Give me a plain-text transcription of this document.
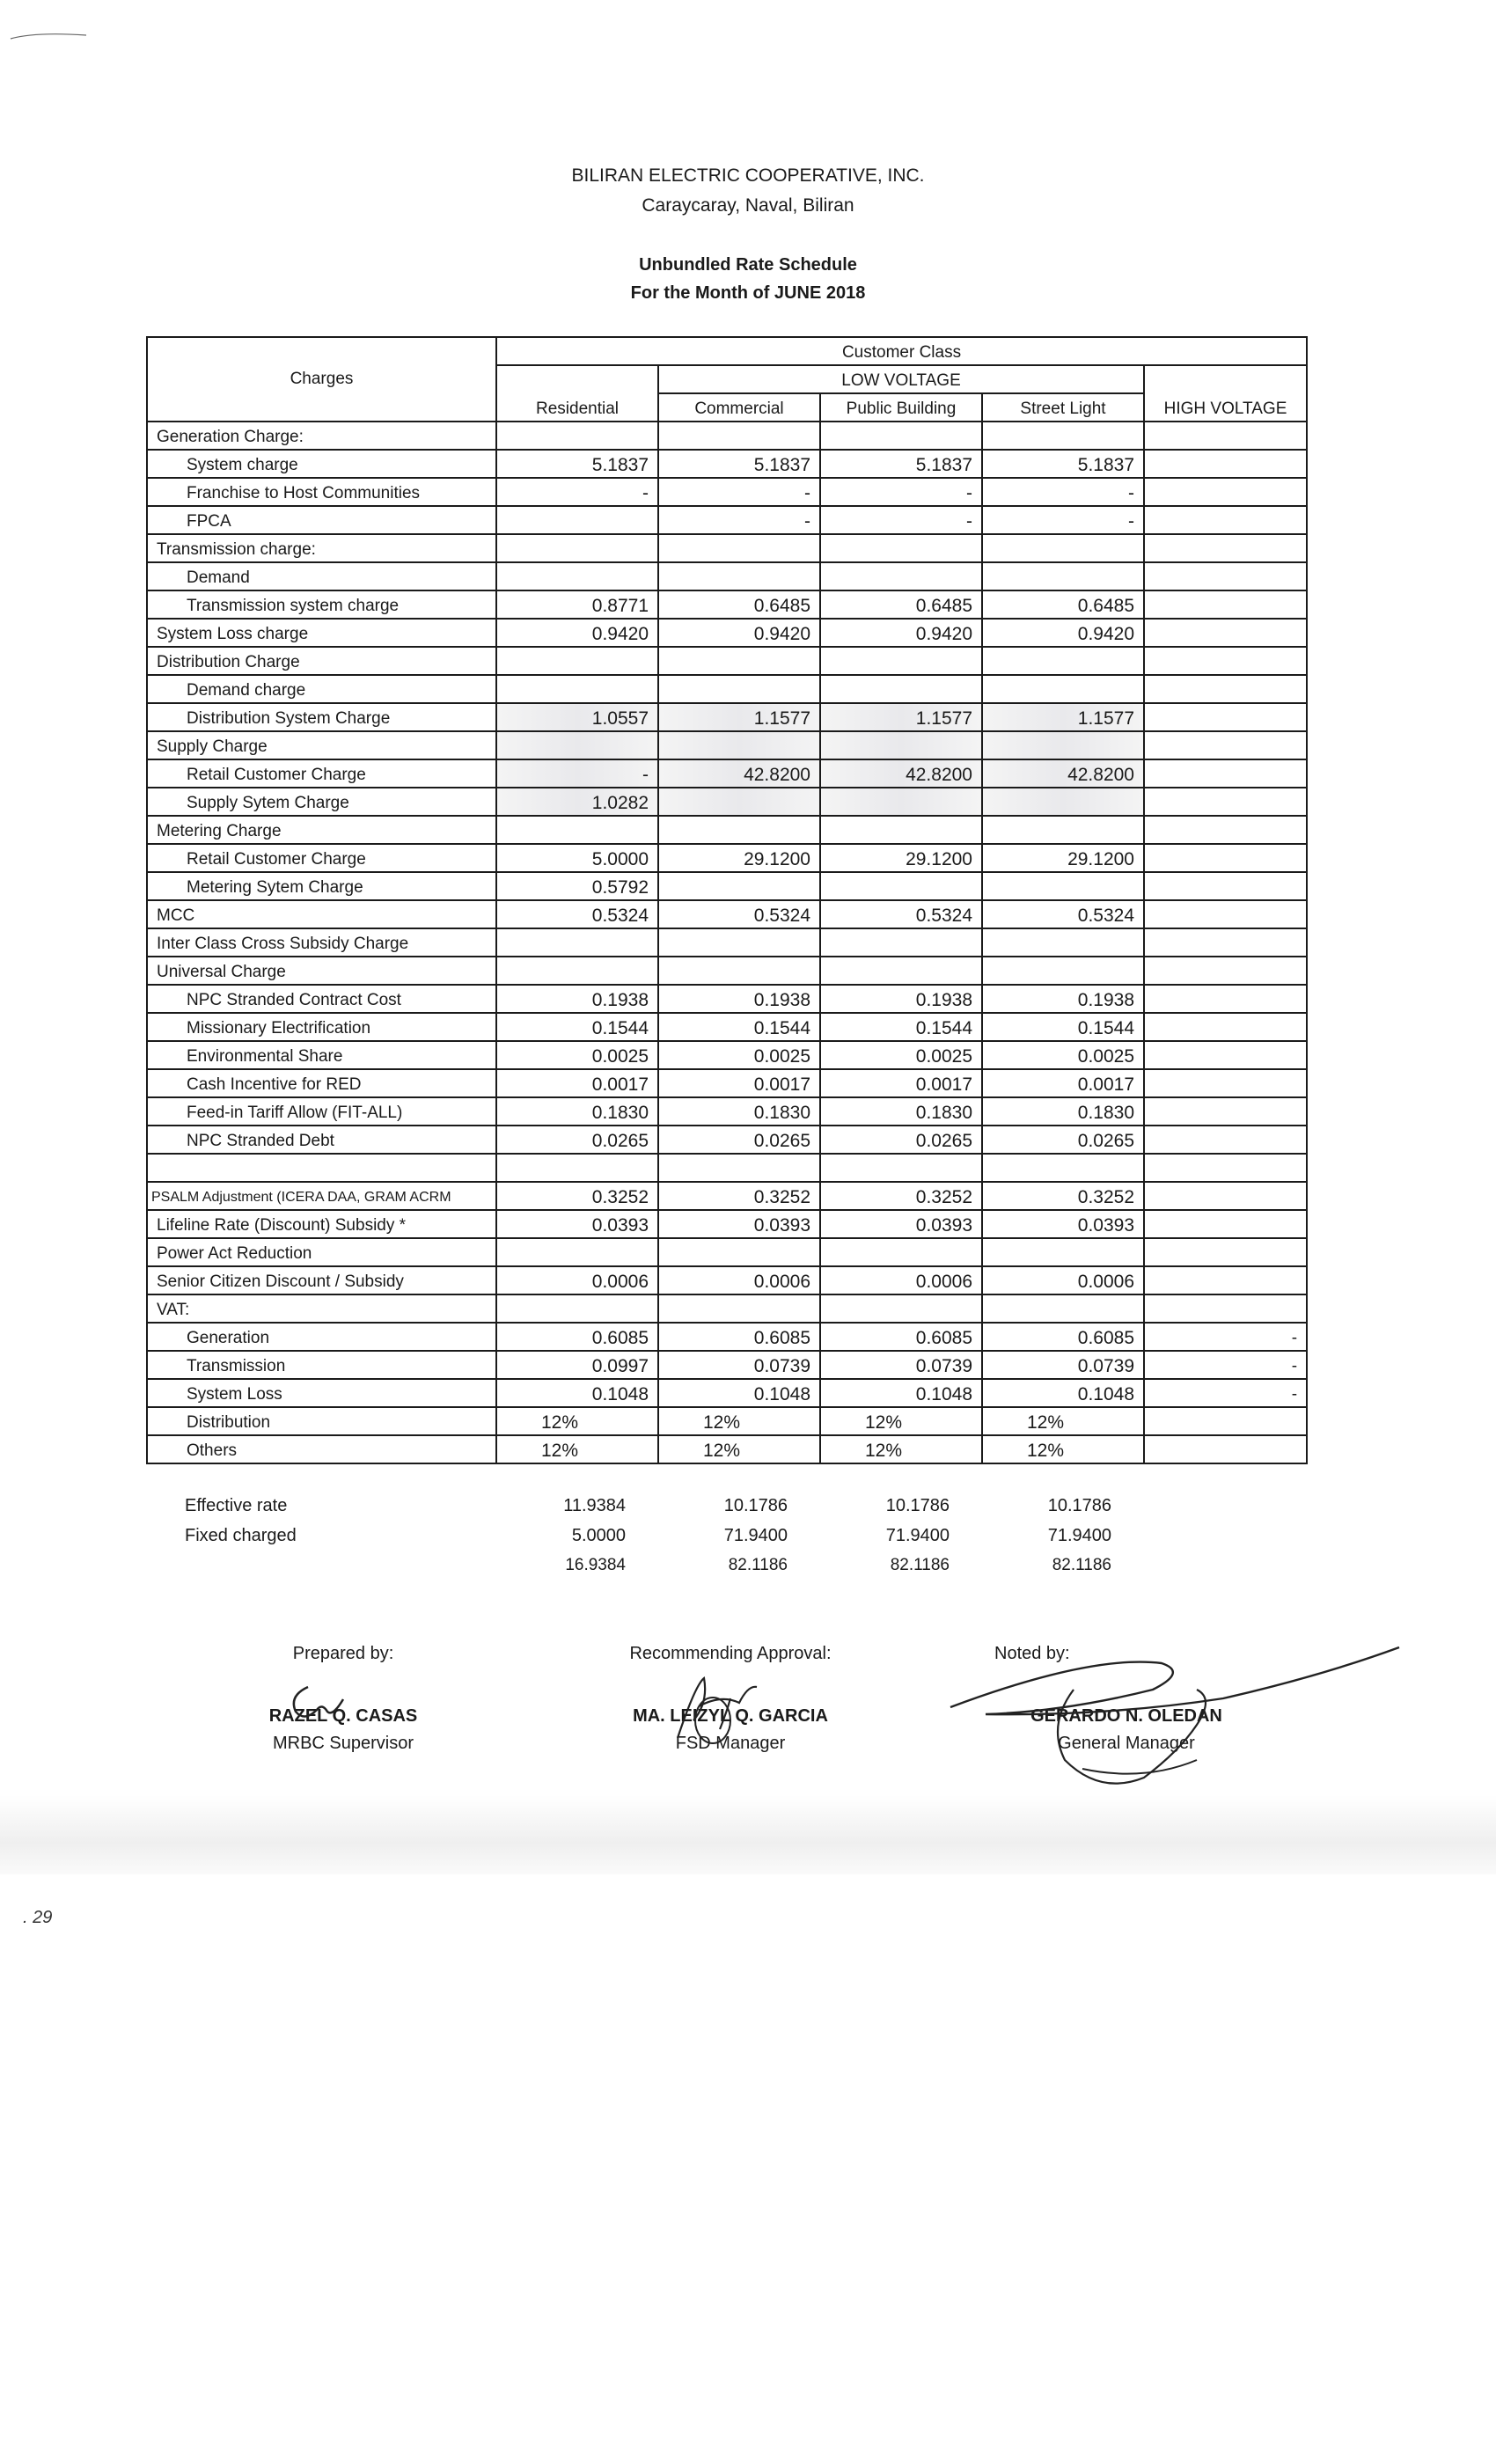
BILIRAN ELECTRIC COOPERATIVE, INC.
Caraycaray, Naval, Biliran
Unbundled Rate Schedule
For the Month of JUNE 2018
Charges	Customer Class				
		LOW VOLTAGE			
	Residential	Commercial	Public Building	Street Light	HIGH VOLTAGE
Generation Charge:					
System charge	5.1837	5.1837	5.1837	5.1837	
Franchise to Host Communities	-	-	-	-	
FPCA		-	-	-	
Transmission charge:					
Demand					
Transmission system charge	0.8771	0.6485	0.6485	0.6485	
System Loss charge	0.9420	0.9420	0.9420	0.9420	
Distribution Charge					
Demand charge					
Distribution System Charge	1.0557	1.1577	1.1577	1.1577	
Supply Charge					
Retail Customer Charge	-	42.8200	42.8200	42.8200	
Supply Sytem Charge	1.0282				
Metering Charge					
Retail Customer Charge	5.0000	29.1200	29.1200	29.1200	
Metering Sytem Charge	0.5792				
MCC	0.5324	0.5324	0.5324	0.5324	
Inter Class Cross Subsidy Charge					
Universal Charge					
NPC Stranded Contract Cost	0.1938	0.1938	0.1938	0.1938	
Missionary Electrification	0.1544	0.1544	0.1544	0.1544	
Environmental Share	0.0025	0.0025	0.0025	0.0025	
Cash Incentive for RED	0.0017	0.0017	0.0017	0.0017	
Feed-in Tariff Allow (FIT-ALL)	0.1830	0.1830	0.1830	0.1830	
NPC Stranded Debt	0.0265	0.0265	0.0265	0.0265	

PSALM Adjustment (ICERA DAA, GRAM ACRM	0.3252	0.3252	0.3252	0.3252	
Lifeline Rate (Discount) Subsidy *	0.0393	0.0393	0.0393	0.0393	
Power Act Reduction					
Senior Citizen Discount / Subsidy	0.0006	0.0006	0.0006	0.0006	
VAT:					
Generation	0.6085	0.6085	0.6085	0.6085	-
Transmission	0.0997	0.0739	0.0739	0.0739	-
System Loss	0.1048	0.1048	0.1048	0.1048	-
Distribution	12%	12%	12%	12%	
Others	12%	12%	12%	12%	
Effective rate	11.9384	10.1786	10.1786	10.1786	
Fixed charged	5.0000	71.9400	71.9400	71.9400	
	16.9384	82.1186	82.1186	82.1186	
Prepared by:
RAZEL Q. CASAS
MRBC Supervisor
Recommending Approval:
MA. LEIZYL Q. GARCIA
FSD Manager
Noted by:
GERARDO N. OLEDAN
General Manager
. 29
